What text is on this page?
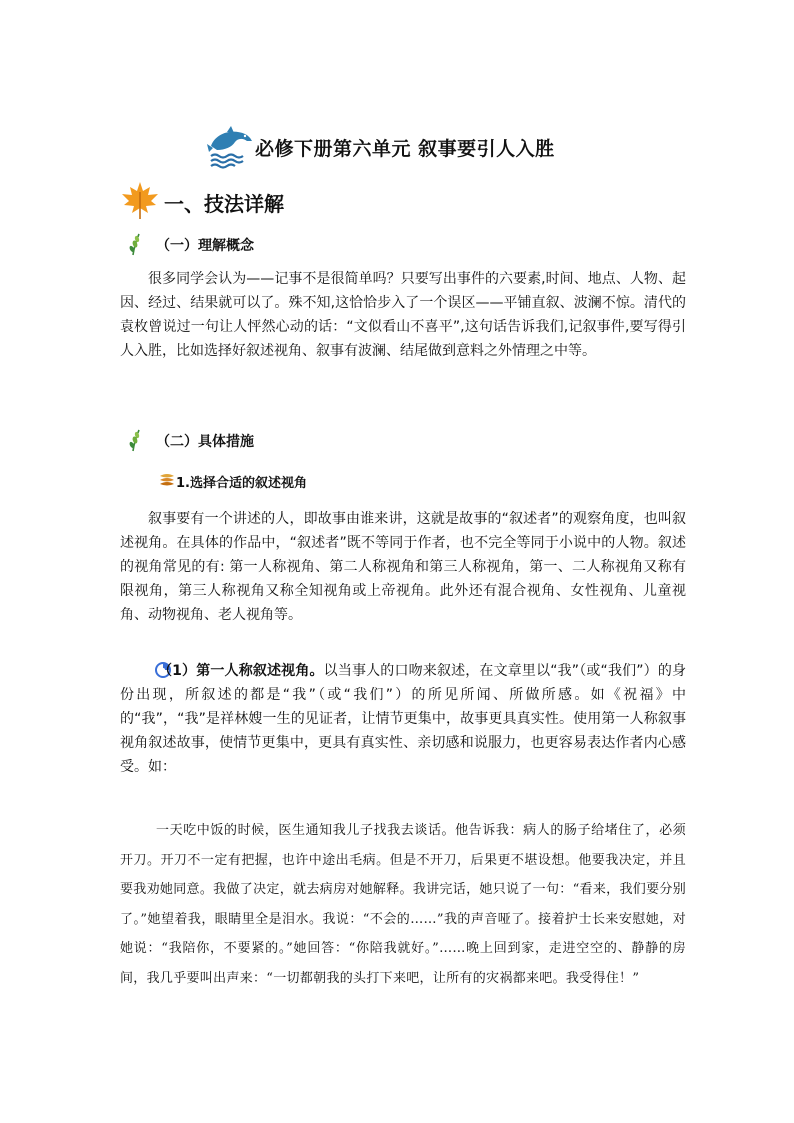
必修下册第六单元 叙事要引人入胜
一、技法详解
（一）理解概念

很多同学会认为——记事不是很简单吗？只要写出事件的六要素,时间、地点、人物、起因、经过、结果就可以了。殊不知,这恰恰步入了一个误区——平铺直叙、波澜不惊。清代的袁枚曾说过一句让人怦然心动的话：“文似看山不喜平”,这句话告诉我们,记叙事件,要写得引人入胜，比如选择好叙述视角、叙事有波澜、结尾做到意料之外情理之中等。

（二）具体措施
1.选择合适的叙述视角

叙事要有一个讲述的人，即故事由谁来讲，这就是故事的“叙述者”的观察角度，也叫叙述视角。在具体的作品中，“叙述者”既不等同于作者，也不完全等同于小说中的人物。叙述的视角常见的有: 第一人称视角、第二人称视角和第三人称视角，第一、二人称视角又称有限视角，第三人称视角又称全知视角或上帝视角。此外还有混合视角、女性视角、儿童视角、动物视角、老人视角等。

（1）第一人称叙述视角。以当事人的口吻来叙述，在文章里以“我”（或“我们”）的身份出现，所叙述的都是“我”（或“我们”）的所见所闻、所做所感。如《祝福》中的“我”，“我”是祥林嫂一生的见证者，让情节更集中，故事更具真实性。使用第一人称叙事视角叙述故事，使情节更集中，更具有真实性、亲切感和说服力，也更容易表达作者内心感受。如：

一天吃中饭的时候，医生通知我儿子找我去谈话。他告诉我：病人的肠子给堵住了，必须开刀。开刀不一定有把握，也许中途出毛病。但是不开刀，后果更不堪设想。他要我决定，并且要我劝她同意。我做了决定，就去病房对她解释。我讲完话，她只说了一句：“看来，我们要分别了。”她望着我，眼睛里全是泪水。我说：“不会的……”我的声音哑了。接着护士长来安慰她，对她说：“我陪你，不要紧的。”她回答：“你陪我就好。”……晚上回到家，走进空空的、静静的房间，我几乎要叫出声来：“一切都朝我的头打下来吧，让所有的灾祸都来吧。我受得住！”
